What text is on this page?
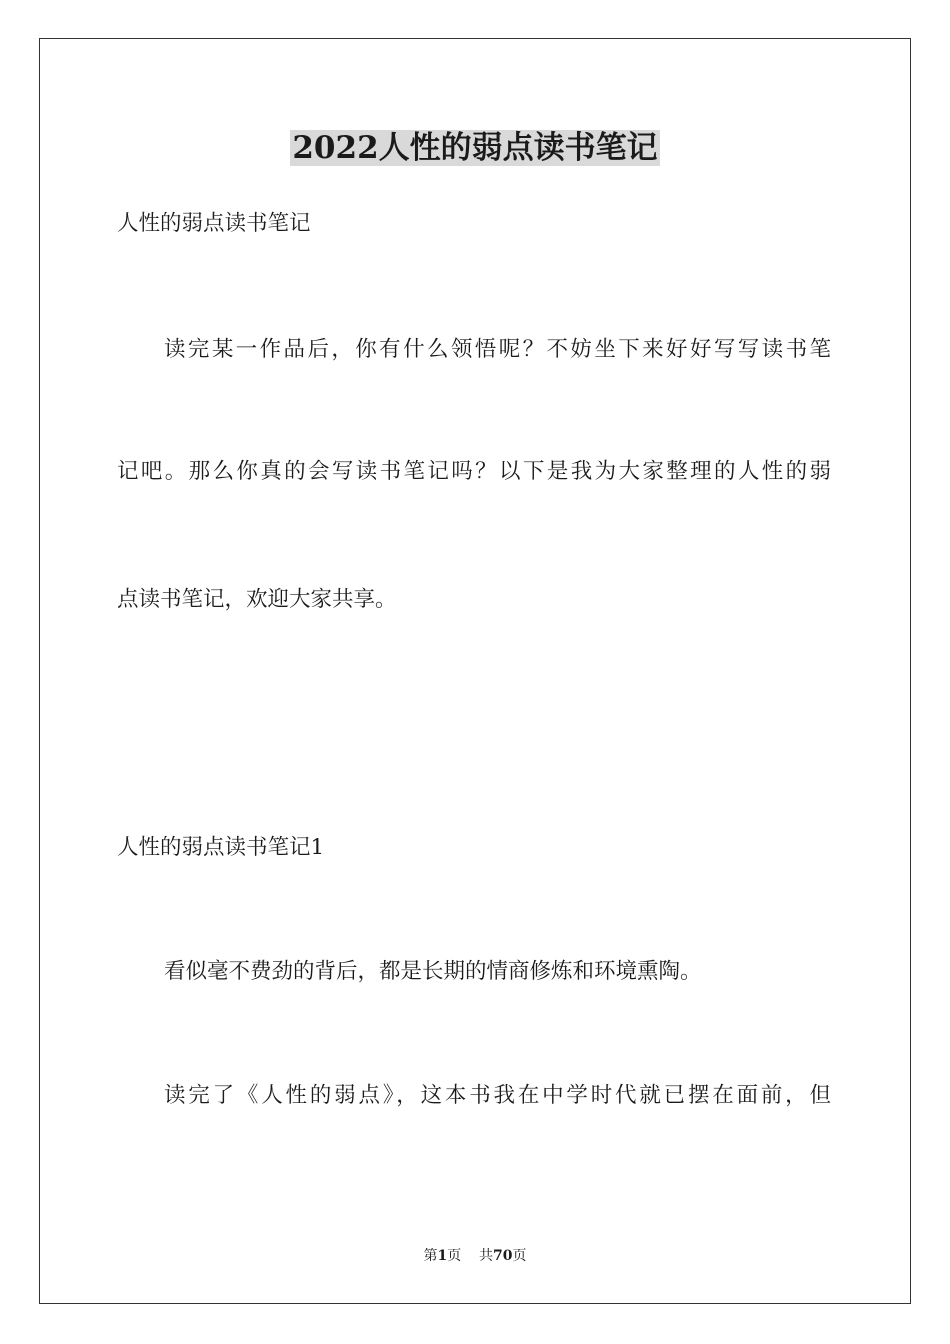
2022人性的弱点读书笔记
人性的弱点读书笔记
读完某一作品后，你有什么领悟呢？不妨坐下来好好写写读书笔
记吧。那么你真的会写读书笔记吗？以下是我为大家整理的人性的弱
点读书笔记，欢迎大家共享。
人性的弱点读书笔记1
看似毫不费劲的背后，都是长期的情商修炼和环境熏陶。
读完了《人性的弱点》，这本书我在中学时代就已摆在面前，但
第1页 共70页
